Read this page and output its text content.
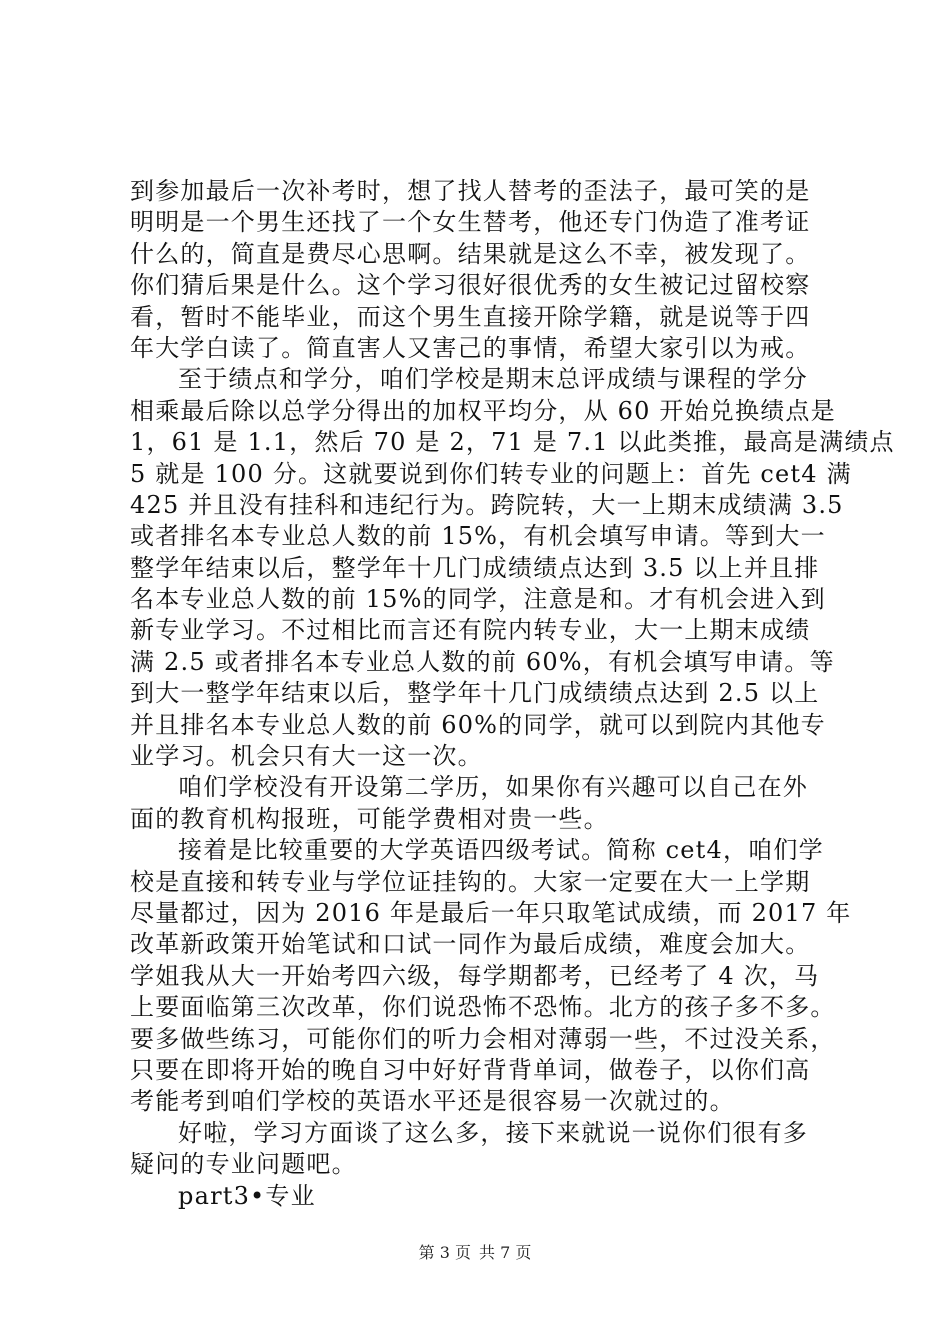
到参加最后一次补考时，想了找人替考的歪法子，最可笑的是
明明是一个男生还找了一个女生替考，他还专门伪造了准考证
什么的，简直是费尽心思啊。结果就是这么不幸，被发现了。
你们猜后果是什么。这个学习很好很优秀的女生被记过留校察
看，暂时不能毕业，而这个男生直接开除学籍，就是说等于四
年大学白读了。简直害人又害己的事情，希望大家引以为戒。
至于绩点和学分，咱们学校是期末总评成绩与课程的学分
相乘最后除以总学分得出的加权平均分，从 60 开始兑换绩点是
1，61 是 1.1，然后 70 是 2，71 是 7.1 以此类推，最高是满绩点
5 就是 100 分。这就要说到你们转专业的问题上：首先 cet4 满
425 并且没有挂科和违纪行为。跨院转，大一上期末成绩满 3.5
或者排名本专业总人数的前 15%，有机会填写申请。等到大一
整学年结束以后，整学年十几门成绩绩点达到 3.5 以上并且排
名本专业总人数的前 15%的同学，注意是和。才有机会进入到
新专业学习。不过相比而言还有院内转专业，大一上期末成绩
满 2.5 或者排名本专业总人数的前 60%，有机会填写申请。等
到大一整学年结束以后，整学年十几门成绩绩点达到 2.5 以上
并且排名本专业总人数的前 60%的同学，就可以到院内其他专
业学习。机会只有大一这一次。
咱们学校没有开设第二学历，如果你有兴趣可以自己在外
面的教育机构报班，可能学费相对贵一些。
接着是比较重要的大学英语四级考试。简称 cet4，咱们学
校是直接和转专业与学位证挂钩的。大家一定要在大一上学期
尽量都过，因为 2016 年是最后一年只取笔试成绩，而 2017 年
改革新政策开始笔试和口试一同作为最后成绩，难度会加大。
学姐我从大一开始考四六级，每学期都考，已经考了 4 次，马
上要面临第三次改革，你们说恐怖不恐怖。北方的孩子多不多。
要多做些练习，可能你们的听力会相对薄弱一些，不过没关系，
只要在即将开始的晚自习中好好背背单词，做卷子，以你们高
考能考到咱们学校的英语水平还是很容易一次就过的。
好啦，学习方面谈了这么多，接下来就说一说你们很有多
疑问的专业问题吧。
part3•专业
第 3 页 共 7 页
